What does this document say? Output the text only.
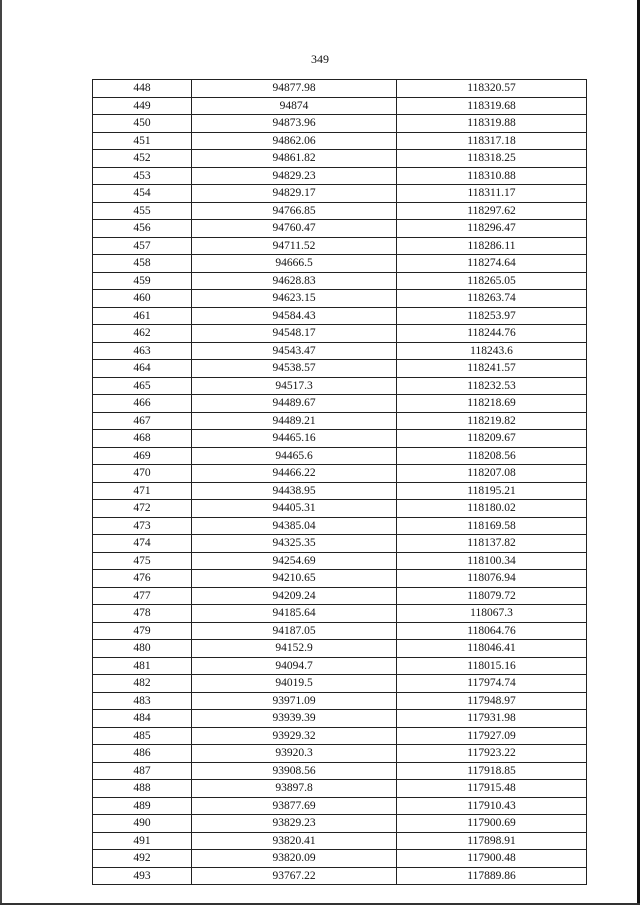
349
448	94877.98	118320.57
449	94874	118319.68
450	94873.96	118319.88
451	94862.06	118317.18
452	94861.82	118318.25
453	94829.23	118310.88
454	94829.17	118311.17
455	94766.85	118297.62
456	94760.47	118296.47
457	94711.52	118286.11
458	94666.5	118274.64
459	94628.83	118265.05
460	94623.15	118263.74
461	94584.43	118253.97
462	94548.17	118244.76
463	94543.47	118243.6
464	94538.57	118241.57
465	94517.3	118232.53
466	94489.67	118218.69
467	94489.21	118219.82
468	94465.16	118209.67
469	94465.6	118208.56
470	94466.22	118207.08
471	94438.95	118195.21
472	94405.31	118180.02
473	94385.04	118169.58
474	94325.35	118137.82
475	94254.69	118100.34
476	94210.65	118076.94
477	94209.24	118079.72
478	94185.64	118067.3
479	94187.05	118064.76
480	94152.9	118046.41
481	94094.7	118015.16
482	94019.5	117974.74
483	93971.09	117948.97
484	93939.39	117931.98
485	93929.32	117927.09
486	93920.3	117923.22
487	93908.56	117918.85
488	93897.8	117915.48
489	93877.69	117910.43
490	93829.23	117900.69
491	93820.41	117898.91
492	93820.09	117900.48
493	93767.22	117889.86
